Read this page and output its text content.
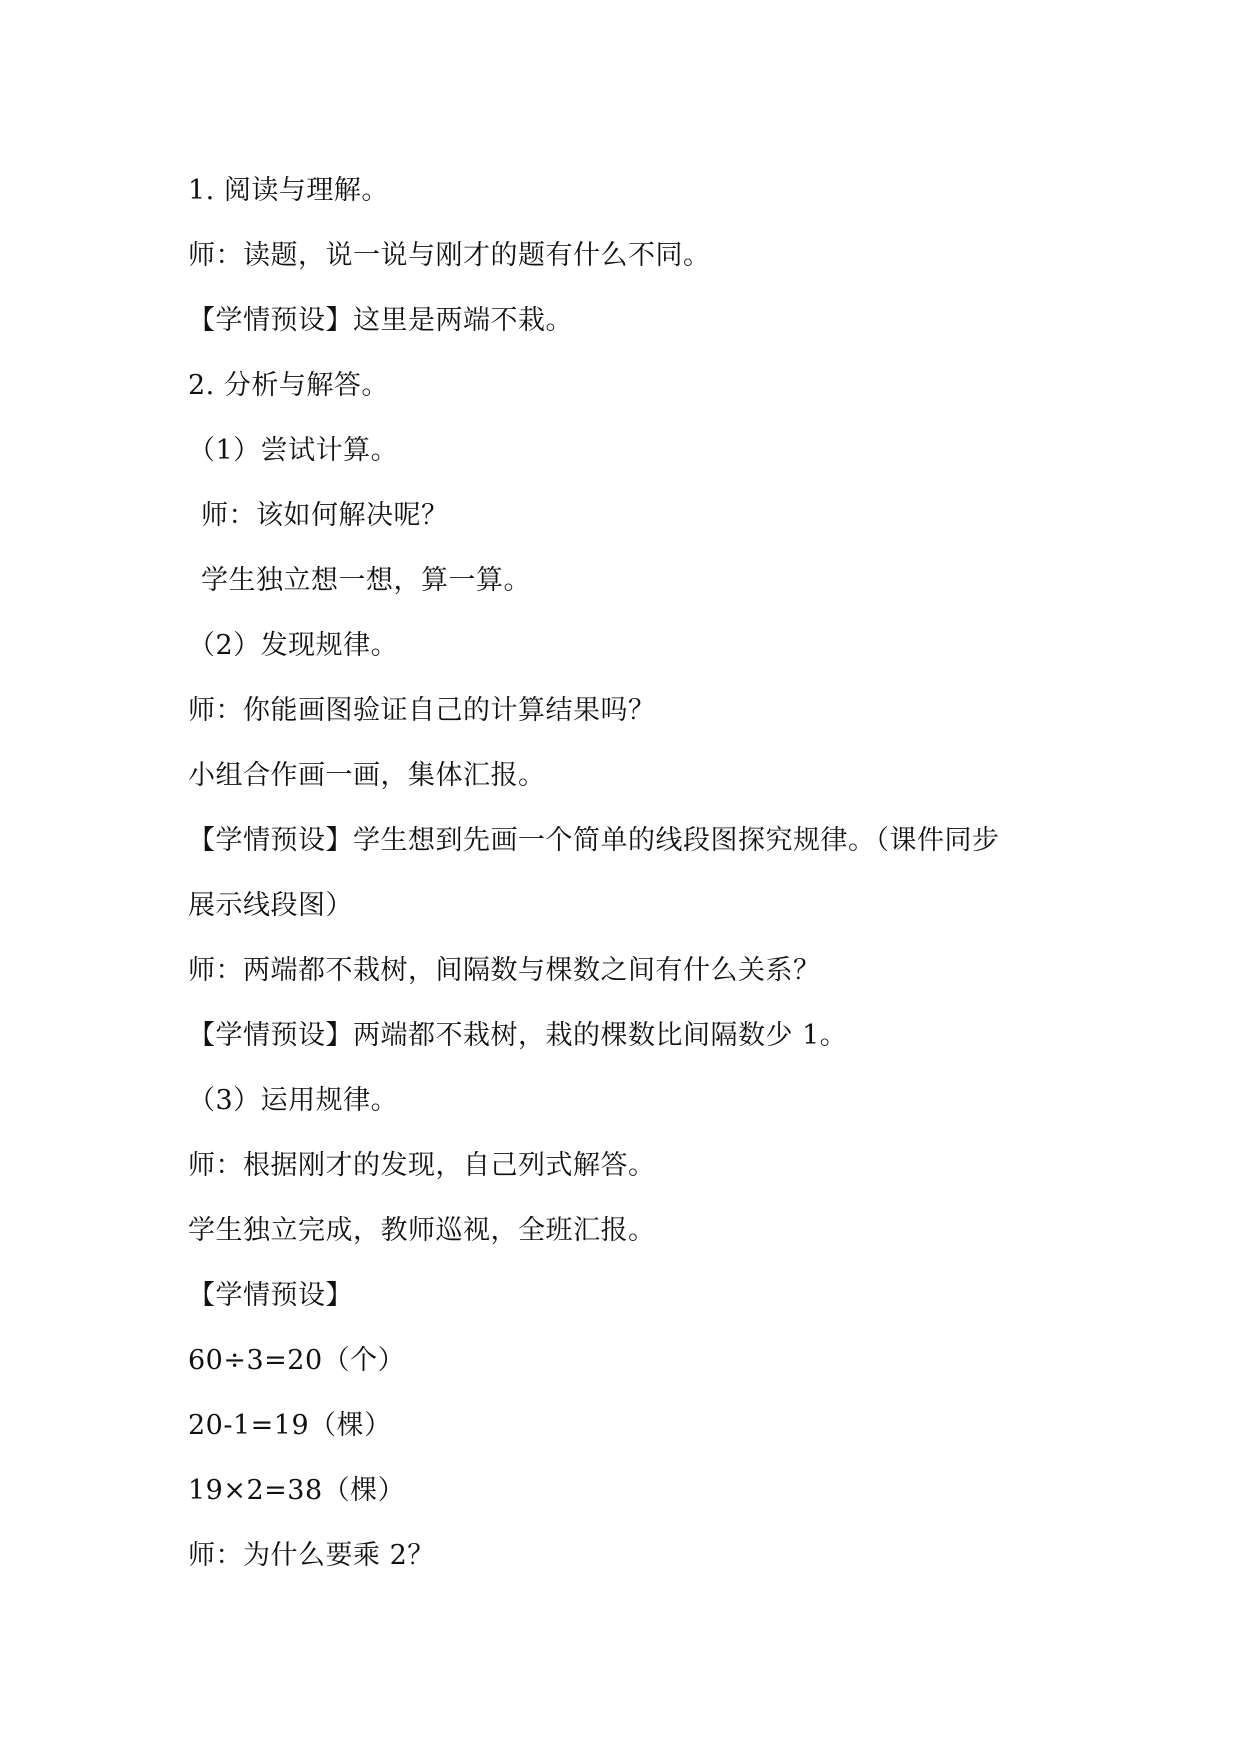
1. 阅读与理解。
师：读题，说一说与刚才的题有什么不同。
【学情预设】这里是两端不栽。
2. 分析与解答。
（1）尝试计算。
师：该如何解决呢？
学生独立想一想，算一算。
（2）发现规律。
师：你能画图验证自己的计算结果吗？
小组合作画一画，集体汇报。
【学情预设】学生想到先画一个简单的线段图探究规律。（课件同步
展示线段图）
师：两端都不栽树，间隔数与棵数之间有什么关系？
【学情预设】两端都不栽树，栽的棵数比间隔数少 1。
（3）运用规律。
师：根据刚才的发现，自己列式解答。
学生独立完成，教师巡视，全班汇报。
【学情预设】
60÷3=20（个）
20-1=19（棵）
19×2=38（棵）
师：为什么要乘 2？
